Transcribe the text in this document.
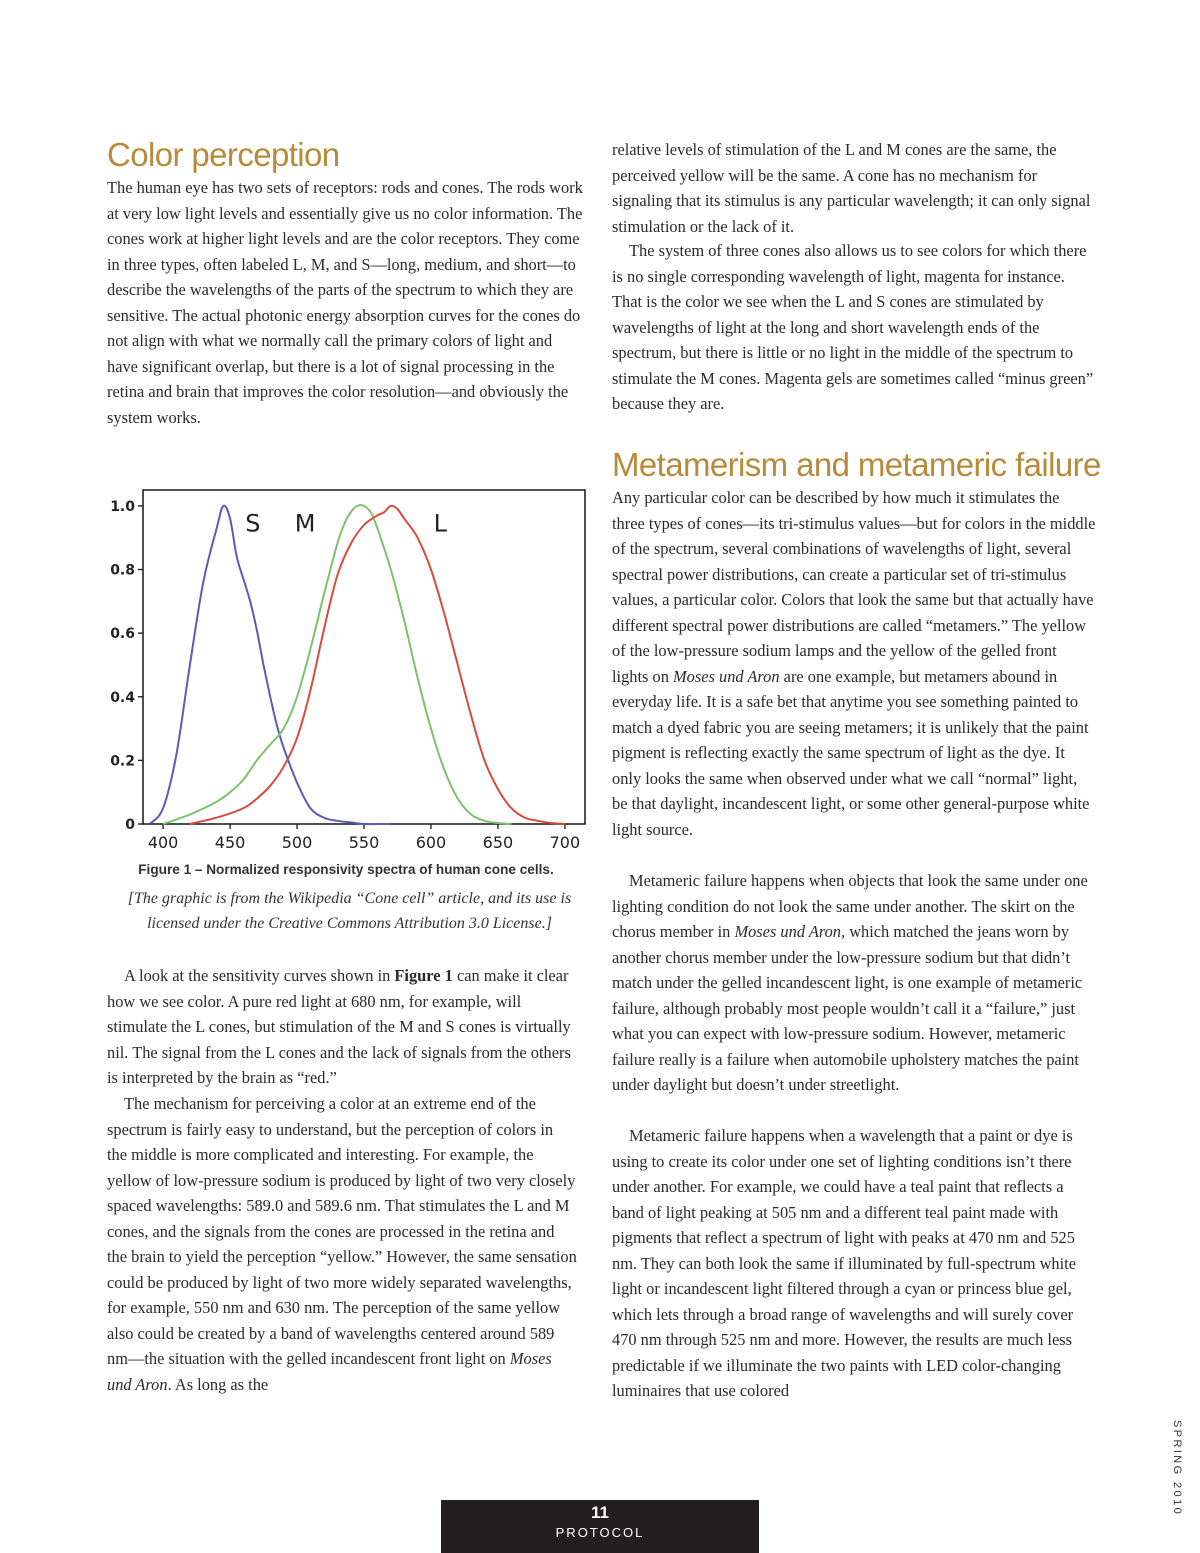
Color perception

The human eye has two sets of receptors: rods and cones. The rods work at very low light levels and essentially give us no color information. The cones work at higher light levels and are the color receptors. They come in three types, often labeled L, M, and S—long, medium, and short—to describe the wavelengths of the parts of the spectrum to which they are sensitive. The actual photonic energy absorption curves for the cones do not align with what we normally call the primary colors of light and have significant overlap, but there is a lot of signal processing in the retina and brain that improves the color resolution—and obviously the system works.

A look at the sensitivity curves shown in Figure 1 can make it clear how we see color. A pure red light at 680 nm, for example, will stimulate the L cones, but stimulation of the M and S cones is virtually nil. The signal from the L cones and the lack of signals from the others is interpreted by the brain as “red.”

The mechanism for perceiving a color at an extreme end of the spectrum is fairly easy to understand, but the perception of colors in the middle is more complicated and interesting. For example, the yellow of low-pressure sodium is produced by light of two very closely spaced wavelengths: 589.0 and 589.6 nm. That stimulates the L and M cones, and the signals from the cones are processed in the retina and the brain to yield the perception “yellow.” However, the same sensation could be produced by light of two more widely separated wavelengths, for example, 550 nm and 630 nm. The perception of the same yellow also could be created by a band of wavelengths centered around 589 nm—the situation with the gelled incandescent front light on Moses und Aron. As long as the

0
0.2
0.4
0.6
0.8
1.0
400 450 500 550 600 650 700
S M	L

Figure 1 – Normalized responsivity spectra of human cone cells.

[The graphic is from the Wikipedia “Cone cell” article, and its use is licensed under the Creative Commons Attribution 3.0 License.]

relative levels of stimulation of the L and M cones are the same, the perceived yellow will be the same. A cone has no mechanism for signaling that its stimulus is any particular wavelength; it can only signal stimulation or the lack of it.

The system of three cones also allows us to see colors for which there is no single corresponding wavelength of light, magenta for instance. That is the color we see when the L and S cones are stimulated by wavelengths of light at the long and short wavelength ends of the spectrum, but there is little or no light in the middle of the spectrum to stimulate the M cones. Magenta gels are sometimes called “minus green” because they are.

Metamerism and metameric failure

Any particular color can be described by how much it stimulates the three types of cones—its tri-stimulus values—but for colors in the middle of the spectrum, several combinations of wavelengths of light, several spectral power distributions, can create a particular set of tri-stimulus values, a particular color. Colors that look the same but that actually have different spectral power distributions are called “metamers.” The yellow of the low-pressure sodium lamps and the yellow of the gelled front lights on Moses und Aron are one example, but metamers abound in everyday life. It is a safe bet that anytime you see something painted to match a dyed fabric you are seeing metamers; it is unlikely that the paint pigment is reflecting exactly the same spectrum of light as the dye. It only looks the same when observed under what we call “normal” light, be that daylight, incandescent light, or some other general-purpose white light source.

Metameric failure happens when objects that look the same under one lighting condition do not look the same under another. The skirt on the chorus member in Moses und Aron, which matched the jeans worn by another chorus member under the low-pressure sodium but that didn’t match under the gelled incandescent light, is one example of metameric failure, although probably most people wouldn’t call it a “failure,” just what you can expect with low-pressure sodium. However, metameric failure really is a failure when automobile upholstery matches the paint under daylight but doesn’t under streetlight.

Metameric failure happens when a wavelength that a paint or dye is using to create its color under one set of lighting conditions isn’t there under another. For example, we could have a teal paint that reflects a band of light peaking at 505 nm and a different teal paint made with pigments that reflect a spectrum of light with peaks at 470 nm and 525 nm. They can both look the same if illuminated by full-spectrum white light or incandescent light filtered through a cyan or princess blue gel, which lets through a broad range of wavelengths and will surely cover 470 nm through 525 nm and more. However, the results are much less predictable if we illuminate the two paints with LED color-changing luminaires that use colored

SPRING 2010
11
PROTOCOL
